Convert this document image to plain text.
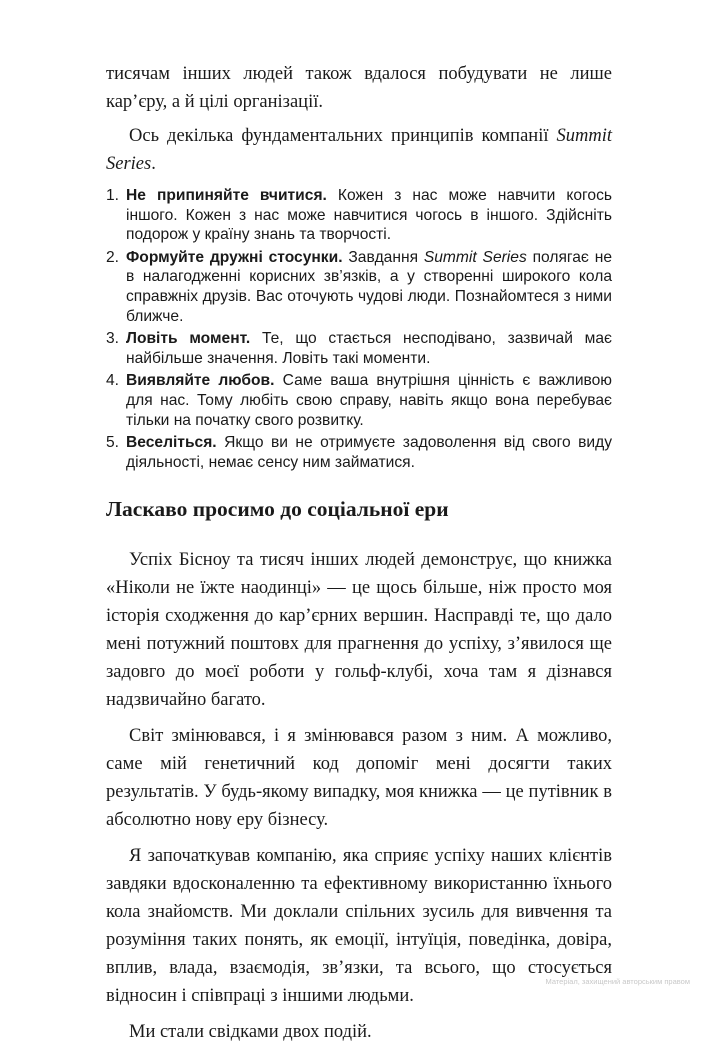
тисячам інших людей також вдалося побудувати не лише кар’єру, а й цілі організації.

Ось декілька фундаментальних принципів компанії Summit Series.

1. Не припиняйте вчитися. Кожен з нас може навчити когось іншого. Кожен з нас може навчитися чогось в іншого. Здійсніть подорож у країну знань та творчості.
2. Формуйте дружні стосунки. Завдання Summit Series полягає не в налагодженні корисних зв’язків, а у створенні широкого кола справжніх друзів. Вас оточують чудові люди. Познайомтеся з ними ближче.
3. Ловіть момент. Те, що стається несподівано, зазвичай має найбільше значення. Ловіть такі моменти.
4. Виявляйте любов. Саме ваша внутрішня цінність є важливою для нас. Тому любіть свою справу, навіть якщо вона перебуває тільки на початку свого розвитку.
5. Веселіться. Якщо ви не отримуєте задоволення від свого виду діяльності, немає сенсу ним займатися.
Ласкаво просимо до соціальної ери

Успіх Бісноу та тисяч інших людей демонструє, що книжка «Ніколи не їжте наодинці» — це щось більше, ніж просто моя історія сходження до кар’єрних вершин. Насправді те, що дало мені потужний поштовх для прагнення до успіху, з’явилося ще задовго до моєї роботи у гольф-клубі, хоча там я дізнався надзвичайно багато.

Світ змінювався, і я змінювався разом з ним. А можливо, саме мій генетичний код допоміг мені досягти таких результатів. У будь-якому випадку, моя книжка — це путівник в абсолютно нову еру бізнесу.

Я започаткував компанію, яка сприяє успіху наших клієнтів завдяки вдосконаленню та ефективному використанню їхнього кола знайомств. Ми доклали спільних зусиль для вивчення та розуміння таких понять, як емоції, інтуїція, поведінка, довіра, вплив, влада, взаємодія, зв’язки, та всього, що стосується відносин і співпраці з іншими людьми.

Ми стали свідками двох подій.

Матеріал, захищений авторським правом
